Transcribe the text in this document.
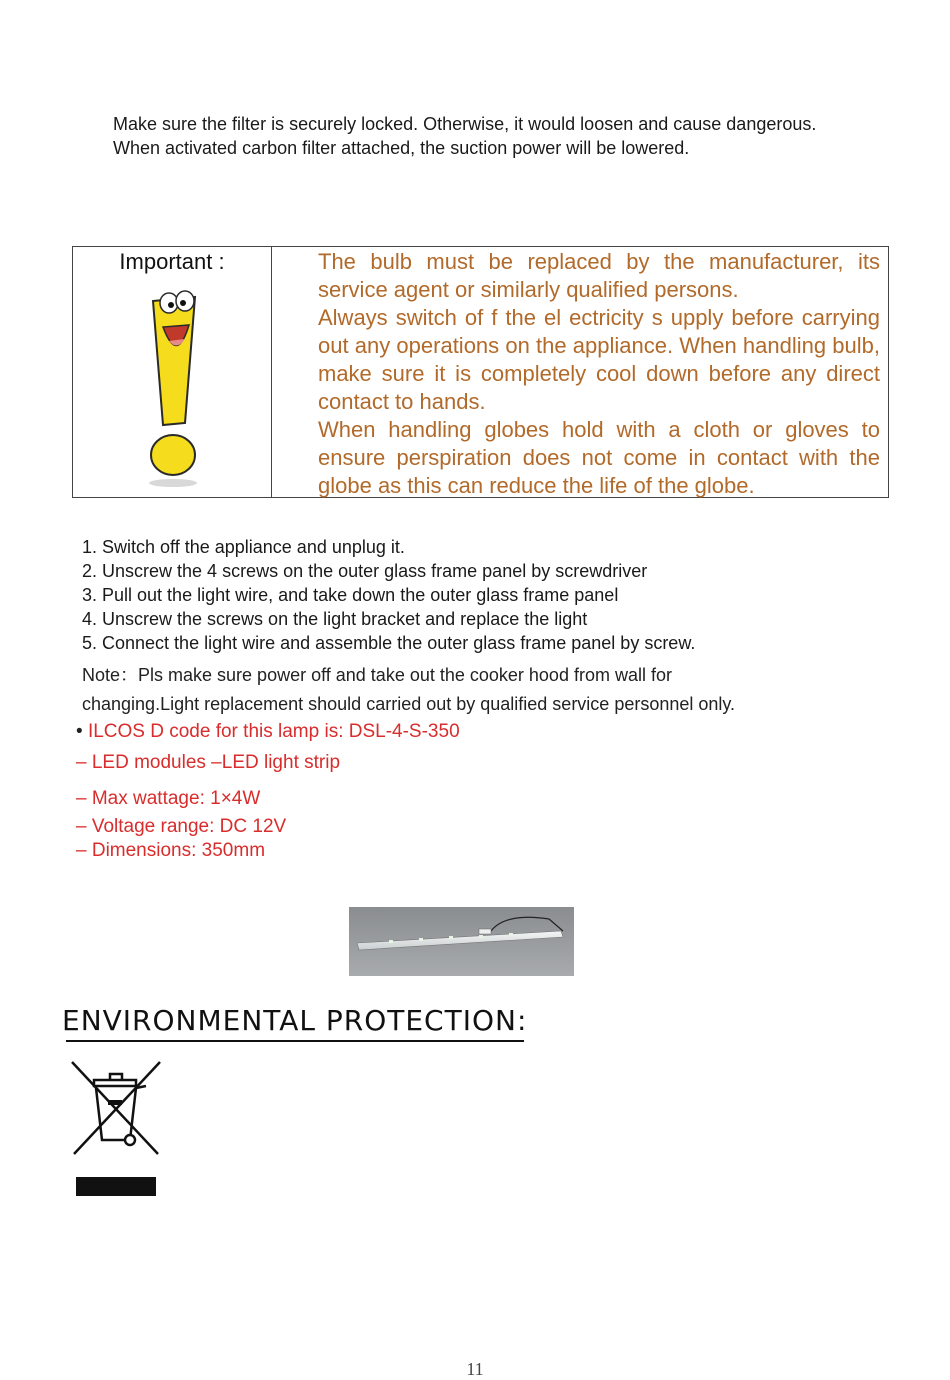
Make sure the filter is securely locked. Otherwise, it would loosen and cause dangerous.

When activated carbon filter attached, the suction power will be lowered.

Important :	The bulb must be replaced by the manufacturer, its service agent or similarly qualified persons.

Always switch of f the el ectricity s upply before carrying out any operations on the appliance. When handling bulb, make sure it is completely cool down before any direct contact to hands.

When handling globes hold with a cloth or gloves to ensure perspiration does not come in contact with the globe as this can reduce the life of the globe.

1. Switch off the appliance and unplug it.
2. Unscrew the 4 screws on the outer glass frame panel by screwdriver
3. Pull out the light wire, and take down the outer glass frame panel
4. Unscrew the screws on the light bracket and replace the light
5. Connect the light wire and assemble the outer glass frame panel by screw.

Note：Pls make sure power off and take out the cooker hood from wall for

changing.Light replacement should carried out by qualified service personnel only.

• ILCOS D code for this lamp is: DSL-4-S-350

– LED modules –LED light strip

– Max wattage: 1×4W

– Voltage range: DC 12V

– Dimensions: 350mm

ENVIRONMENTAL PROTECTION:
11
